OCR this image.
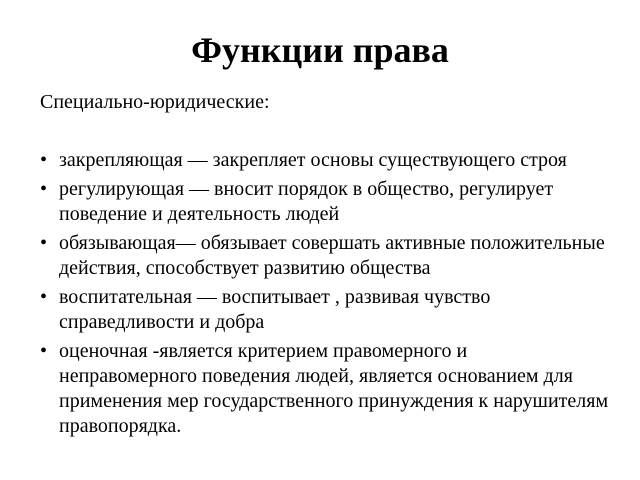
Функции права
Специально-юридические:
• закрепляющая — закрепляет основы существующего строя
• регулирующая — вносит порядок в общество, регулирует поведение и деятельность людей
• обязывающая— обязывает совершать активные положительные действия, способствует развитию общества
• воспитательная — воспитывает , развивая чувство справедливости и добра
• оценочная -является критерием правомерного и неправомерного поведения людей, является основанием для применения мер государственного принуждения к нарушителям правопорядка.
